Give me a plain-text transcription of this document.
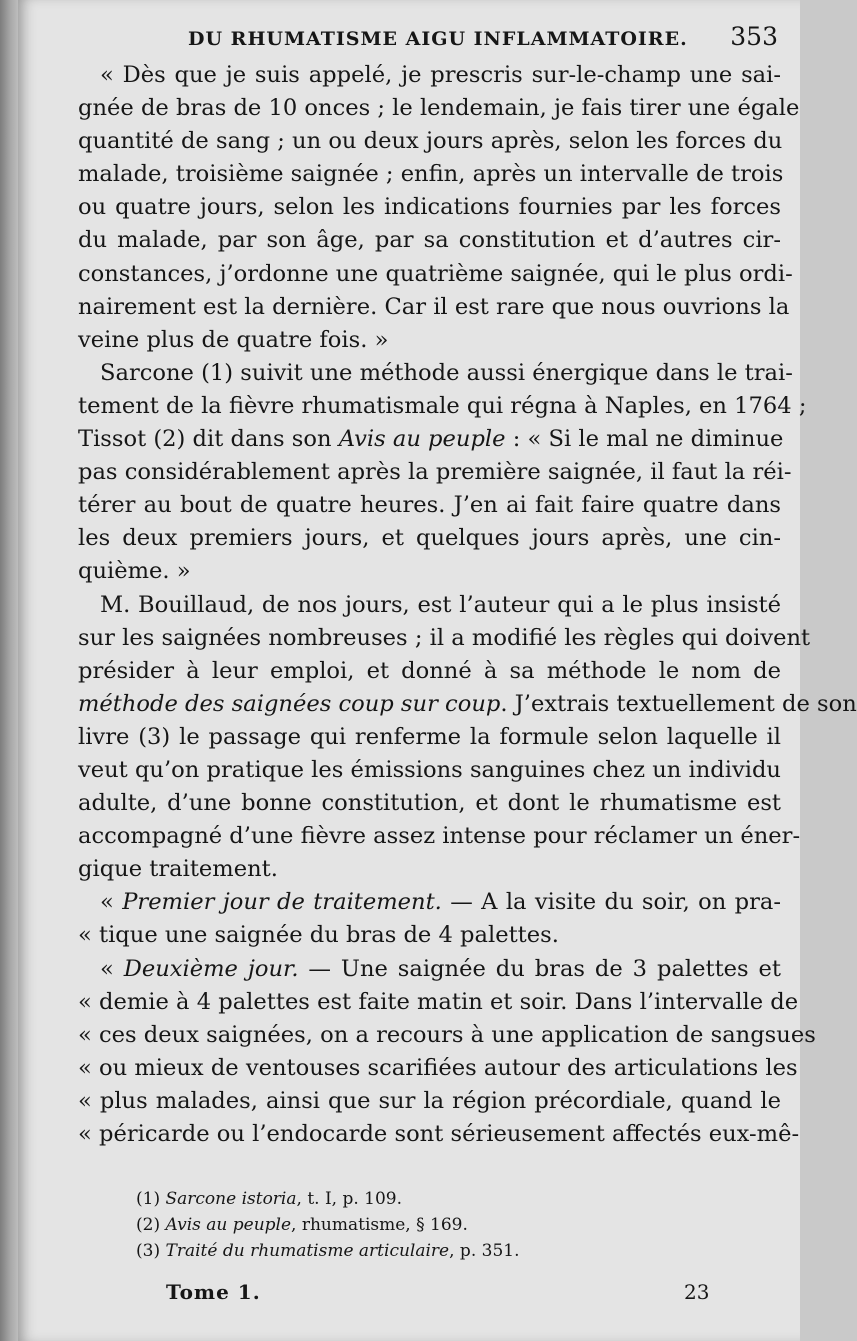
DU RHUMATISME AIGU INFLAMMATOIRE. 353
« Dès que je suis appelé, je prescris sur-le-champ une sai-
gnée de bras de 10 onces ; le lendemain, je fais tirer une égale
quantité de sang ; un ou deux jours après, selon les forces du
malade, troisième saignée ; enfin, après un intervalle de trois
ou quatre jours, selon les indications fournies par les forces
du malade, par son âge, par sa constitution et d’autres cir-
constances, j’ordonne une quatrième saignée, qui le plus ordi-
nairement est la dernière. Car il est rare que nous ouvrions la
veine plus de quatre fois. »
Sarcone (1) suivit une méthode aussi énergique dans le trai-
tement de la fièvre rhumatismale qui régna à Naples, en 1764 ;
Tissot (2) dit dans son Avis au peuple : « Si le mal ne diminue
pas considérablement après la première saignée, il faut la réi-
térer au bout de quatre heures. J’en ai fait faire quatre dans
les deux premiers jours, et quelques jours après, une cin-
quième. »
M. Bouillaud, de nos jours, est l’auteur qui a le plus insisté
sur les saignées nombreuses ; il a modifié les règles qui doivent
présider à leur emploi, et donné à sa méthode le nom de
méthode des saignées coup sur coup. J’extrais textuellement de son
livre (3) le passage qui renferme la formule selon laquelle il
veut qu’on pratique les émissions sanguines chez un individu
adulte, d’une bonne constitution, et dont le rhumatisme est
accompagné d’une fièvre assez intense pour réclamer un éner-
gique traitement.
« Premier jour de traitement. — A la visite du soir, on pra-
« tique une saignée du bras de 4 palettes.
« Deuxième jour. — Une saignée du bras de 3 palettes et
« demie à 4 palettes est faite matin et soir. Dans l’intervalle de
« ces deux saignées, on a recours à une application de sangsues
« ou mieux de ventouses scarifiées autour des articulations les
« plus malades, ainsi que sur la région précordiale, quand le
« péricarde ou l’endocarde sont sérieusement affectés eux-mê-
(1) Sarcone istoria, t. I, p. 109.
(2) Avis au peuple, rhumatisme, § 169.
(3) Traité du rhumatisme articulaire, p. 351.
Tome 1.	23
